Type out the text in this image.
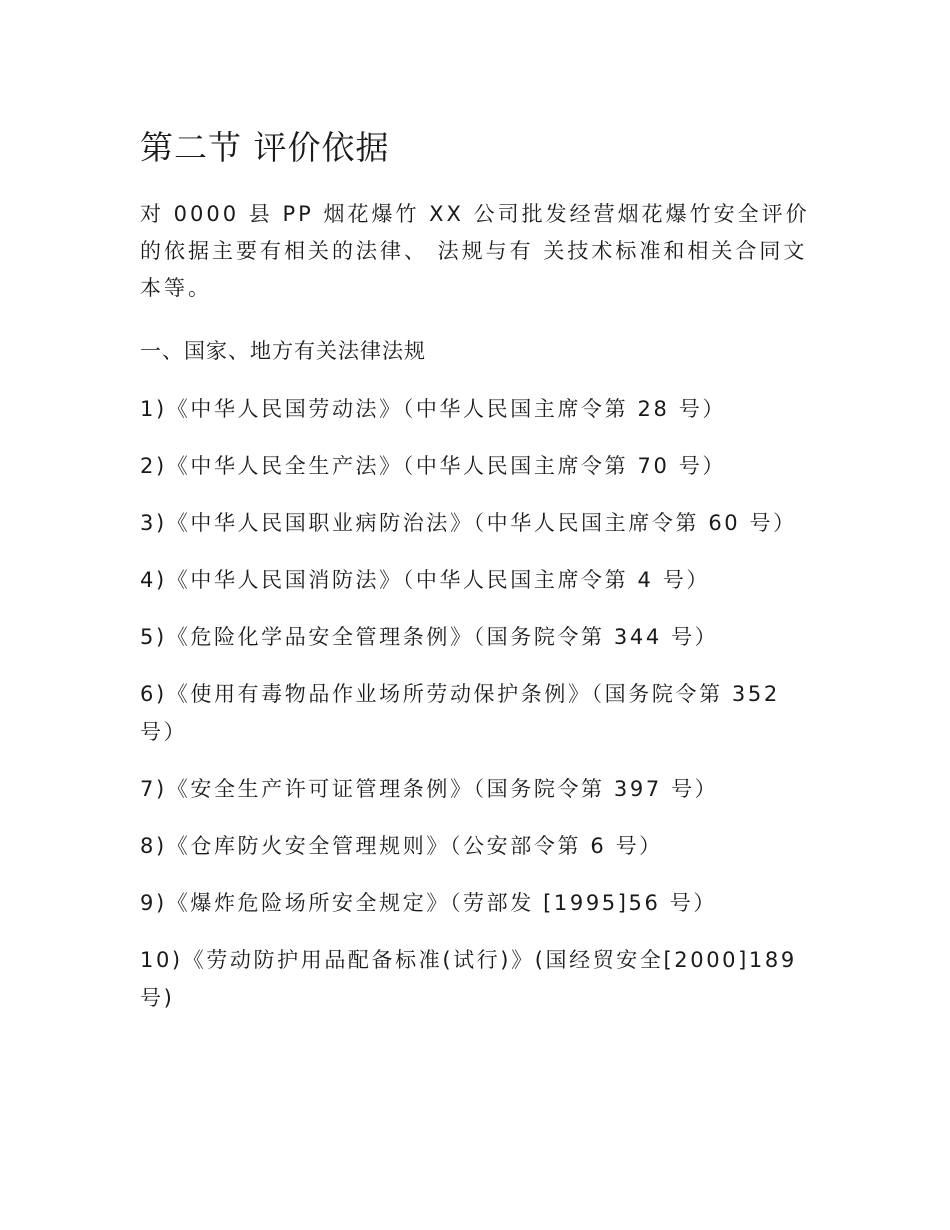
第二节 评价依据

对 0000 县 PP 烟花爆竹 XX 公司批发经营烟花爆竹安全评价的依据主要有相关的法律、 法规与有 关技术标准和相关合同文本等。

一、国家、地方有关法律法规

1)《中华人民国劳动法》（中华人民国主席令第 28 号）
2)《中华人民全生产法》（中华人民国主席令第 70 号）
3)《中华人民国职业病防治法》（中华人民国主席令第 60 号）
4)《中华人民国消防法》（中华人民国主席令第 4 号）
5)《危险化学品安全管理条例》（国务院令第 344 号）
6)《使用有毒物品作业场所劳动保护条例》（国务院令第 352 号）
7)《安全生产许可证管理条例》（国务院令第 397 号）
8)《仓库防火安全管理规则》（公安部令第 6 号）
9)《爆炸危险场所安全规定》（劳部发 [1995]56 号）
10)《劳动防护用品配备标准(试行)》(国经贸安全[2000]189 号)
